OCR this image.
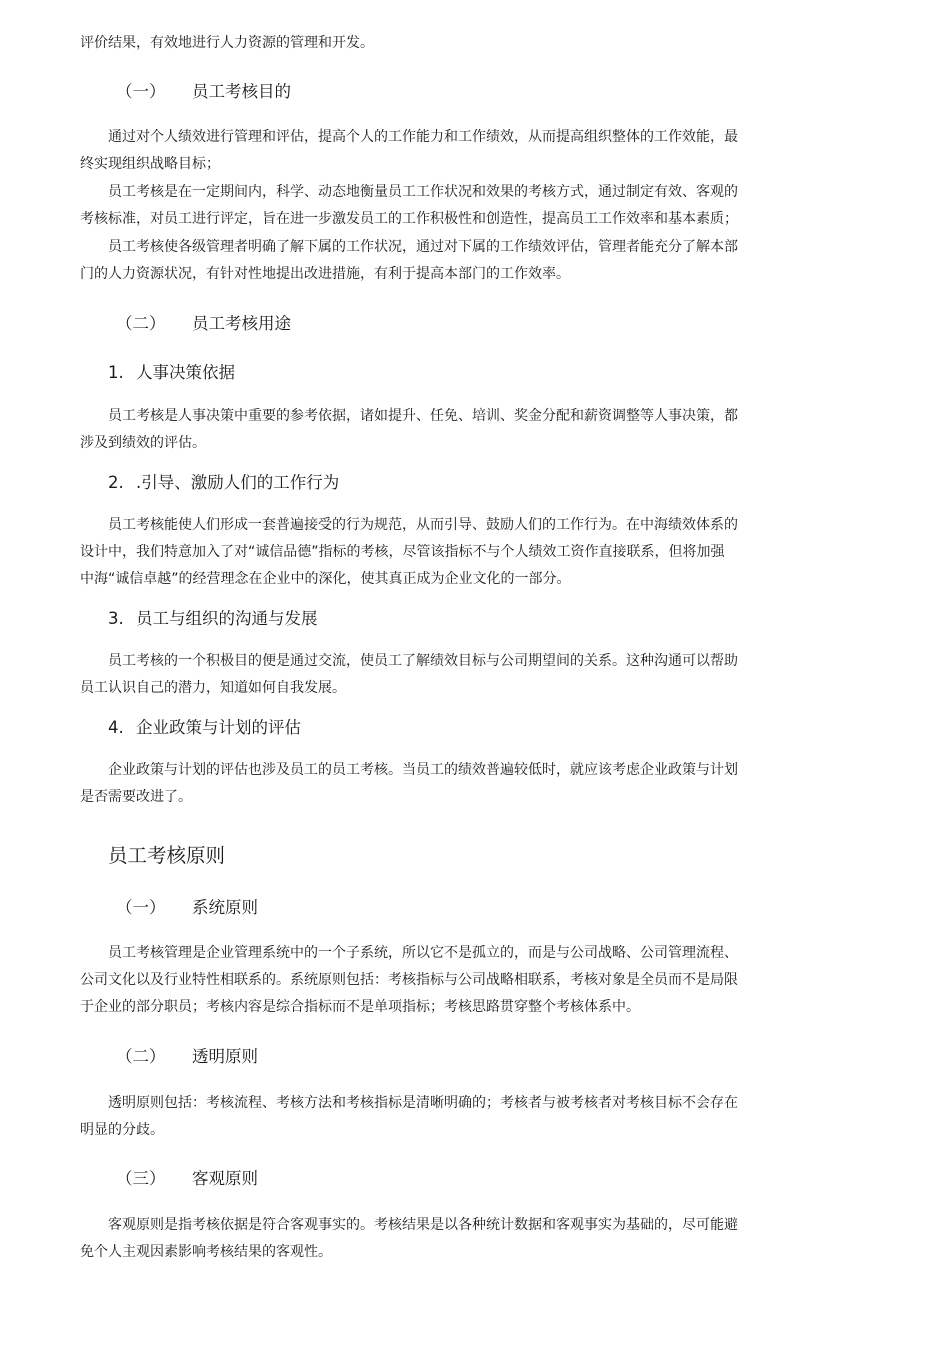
评价结果，有效地进行人力资源的管理和开发。

（一） 员工考核目的

通过对个人绩效进行管理和评估，提高个人的工作能力和工作绩效，从而提高组织整体的工作效能，最
终实现组织战略目标；

员工考核是在一定期间内，科学、动态地衡量员工工作状况和效果的考核方式，通过制定有效、客观的
考核标准，对员工进行评定，旨在进一步激发员工的工作积极性和创造性，提高员工工作效率和基本素质；

员工考核使各级管理者明确了解下属的工作状况，通过对下属的工作绩效评估，管理者能充分了解本部
门的人力资源状况，有针对性地提出改进措施，有利于提高本部门的工作效率。

（二） 员工考核用途
1. 人事决策依据

员工考核是人事决策中重要的参考依据，诸如提升、任免、培训、奖金分配和薪资调整等人事决策，都
涉及到绩效的评估。

2. .引导、激励人们的工作行为

员工考核能使人们形成一套普遍接受的行为规范，从而引导、鼓励人们的工作行为。在中海绩效体系的
设计中，我们特意加入了对“诚信品德”指标的考核，尽管该指标不与个人绩效工资作直接联系，但将加强
中海“诚信卓越”的经营理念在企业中的深化，使其真正成为企业文化的一部分。

3. 员工与组织的沟通与发展

员工考核的一个积极目的便是通过交流，使员工了解绩效目标与公司期望间的关系。这种沟通可以帮助
员工认识自己的潜力，知道如何自我发展。

4. 企业政策与计划的评估

企业政策与计划的评估也涉及员工的员工考核。当员工的绩效普遍较低时，就应该考虑企业政策与计划
是否需要改进了。

员工考核原则
（一） 系统原则

员工考核管理是企业管理系统中的一个子系统，所以它不是孤立的，而是与公司战略、公司管理流程、
公司文化以及行业特性相联系的。系统原则包括：考核指标与公司战略相联系，考核对象是全员而不是局限
于企业的部分职员；考核内容是综合指标而不是单项指标；考核思路贯穿整个考核体系中。

（二） 透明原则

透明原则包括：考核流程、考核方法和考核指标是清晰明确的；考核者与被考核者对考核目标不会存在
明显的分歧。

（三） 客观原则

客观原则是指考核依据是符合客观事实的。考核结果是以各种统计数据和客观事实为基础的，尽可能避
免个人主观因素影响考核结果的客观性。
